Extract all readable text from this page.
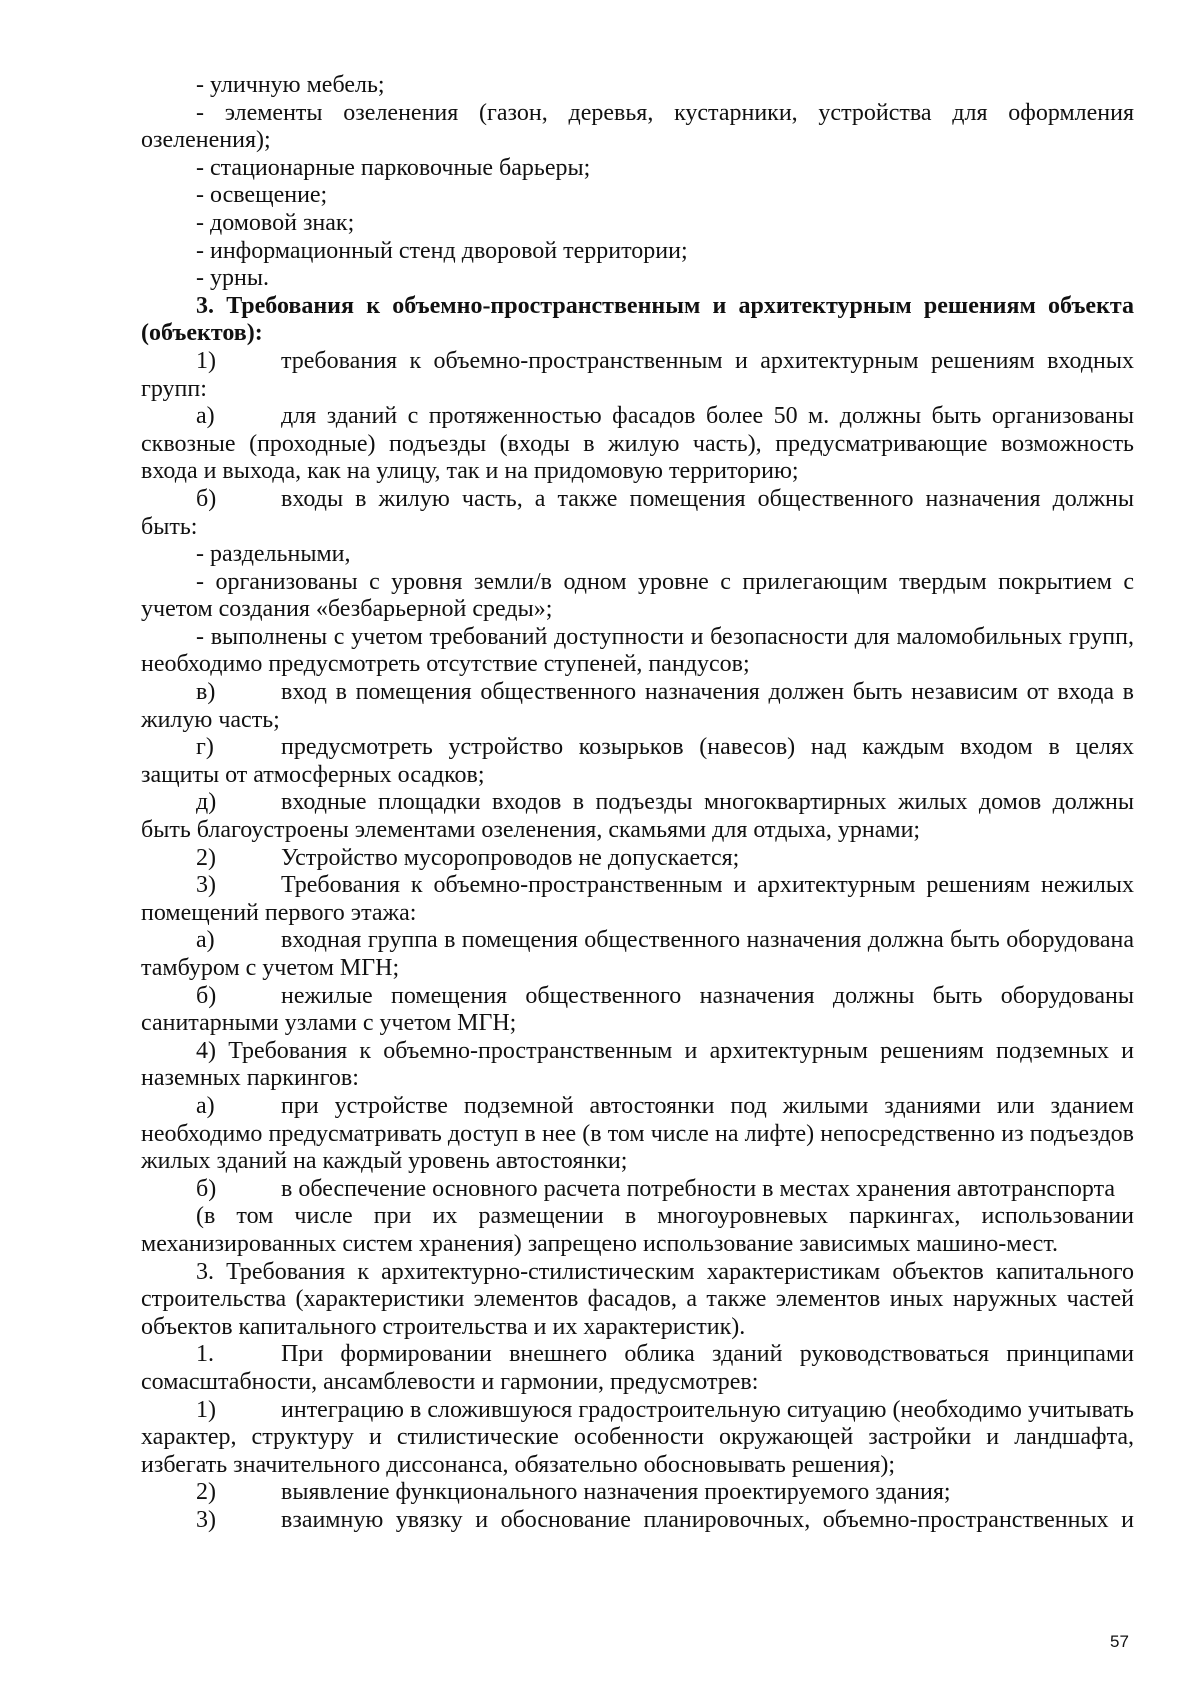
- уличную мебель;

- элементы озеленения (газон, деревья, кустарники, устройства для оформления озеленения);

- стационарные парковочные барьеры;

- освещение;

- домовой знак;

- информационный стенд дворовой территории;

- урны.

3. Требования к объемно-пространственным и архитектурным решениям объекта (объектов):

1)	требования к объемно-пространственным и архитектурным решениям входных групп:

а)	для зданий с протяженностью фасадов более 50 м. должны быть организованы сквозные (проходные) подъезды (входы в жилую часть), предусматривающие возможность входа и выхода, как на улицу, так и на придомовую территорию;

б)	входы в жилую часть, а также помещения общественного назначения должны быть:

- раздельными,

- организованы с уровня земли/в одном уровне с прилегающим твердым покрытием с учетом создания «безбарьерной среды»;

- выполнены с учетом требований доступности и безопасности для маломобильных групп, необходимо предусмотреть отсутствие ступеней, пандусов;

в)	вход в помещения общественного назначения должен быть независим от входа в жилую часть;

г)	предусмотреть устройство козырьков (навесов) над каждым входом в целях защиты от атмосферных осадков;

д)	входные площадки входов в подъезды многоквартирных жилых домов должны быть благоустроены элементами озеленения, скамьями для отдыха, урнами;

2)	Устройство мусоропроводов не допускается;

3)	Требования к объемно-пространственным и архитектурным решениям нежилых помещений первого этажа:

а)	входная группа в помещения общественного назначения должна быть оборудована тамбуром с учетом МГН;

б)	нежилые помещения общественного назначения должны быть оборудованы санитарными узлами с учетом МГН;

4) Требования к объемно-пространственным и архитектурным решениям подземных и наземных паркингов:

а)	при устройстве подземной автостоянки под жилыми зданиями или зданием необходимо предусматривать доступ в нее (в том числе на лифте) непосредственно из подъездов жилых зданий на каждый уровень автостоянки;

б)	в обеспечение основного расчета потребности в местах хранения автотранспорта

(в том числе при их размещении в многоуровневых паркингах, использовании механизированных систем хранения) запрещено использование зависимых машино-мест.

3. Требования к архитектурно-стилистическим характеристикам объектов капитального строительства (характеристики элементов фасадов, а также элементов иных наружных частей объектов капитального строительства и их характеристик).

1.	При формировании внешнего облика зданий руководствоваться принципами сомасштабности, ансамблевости и гармонии, предусмотрев:

1)	интеграцию в сложившуюся градостроительную ситуацию (необходимо учитывать характер, структуру и стилистические особенности окружающей застройки и ландшафта, избегать значительного диссонанса, обязательно обосновывать решения);

2)	выявление функционального назначения проектируемого здания;

3)	взаимную увязку и обоснование планировочных, объемно-пространственных и

57
